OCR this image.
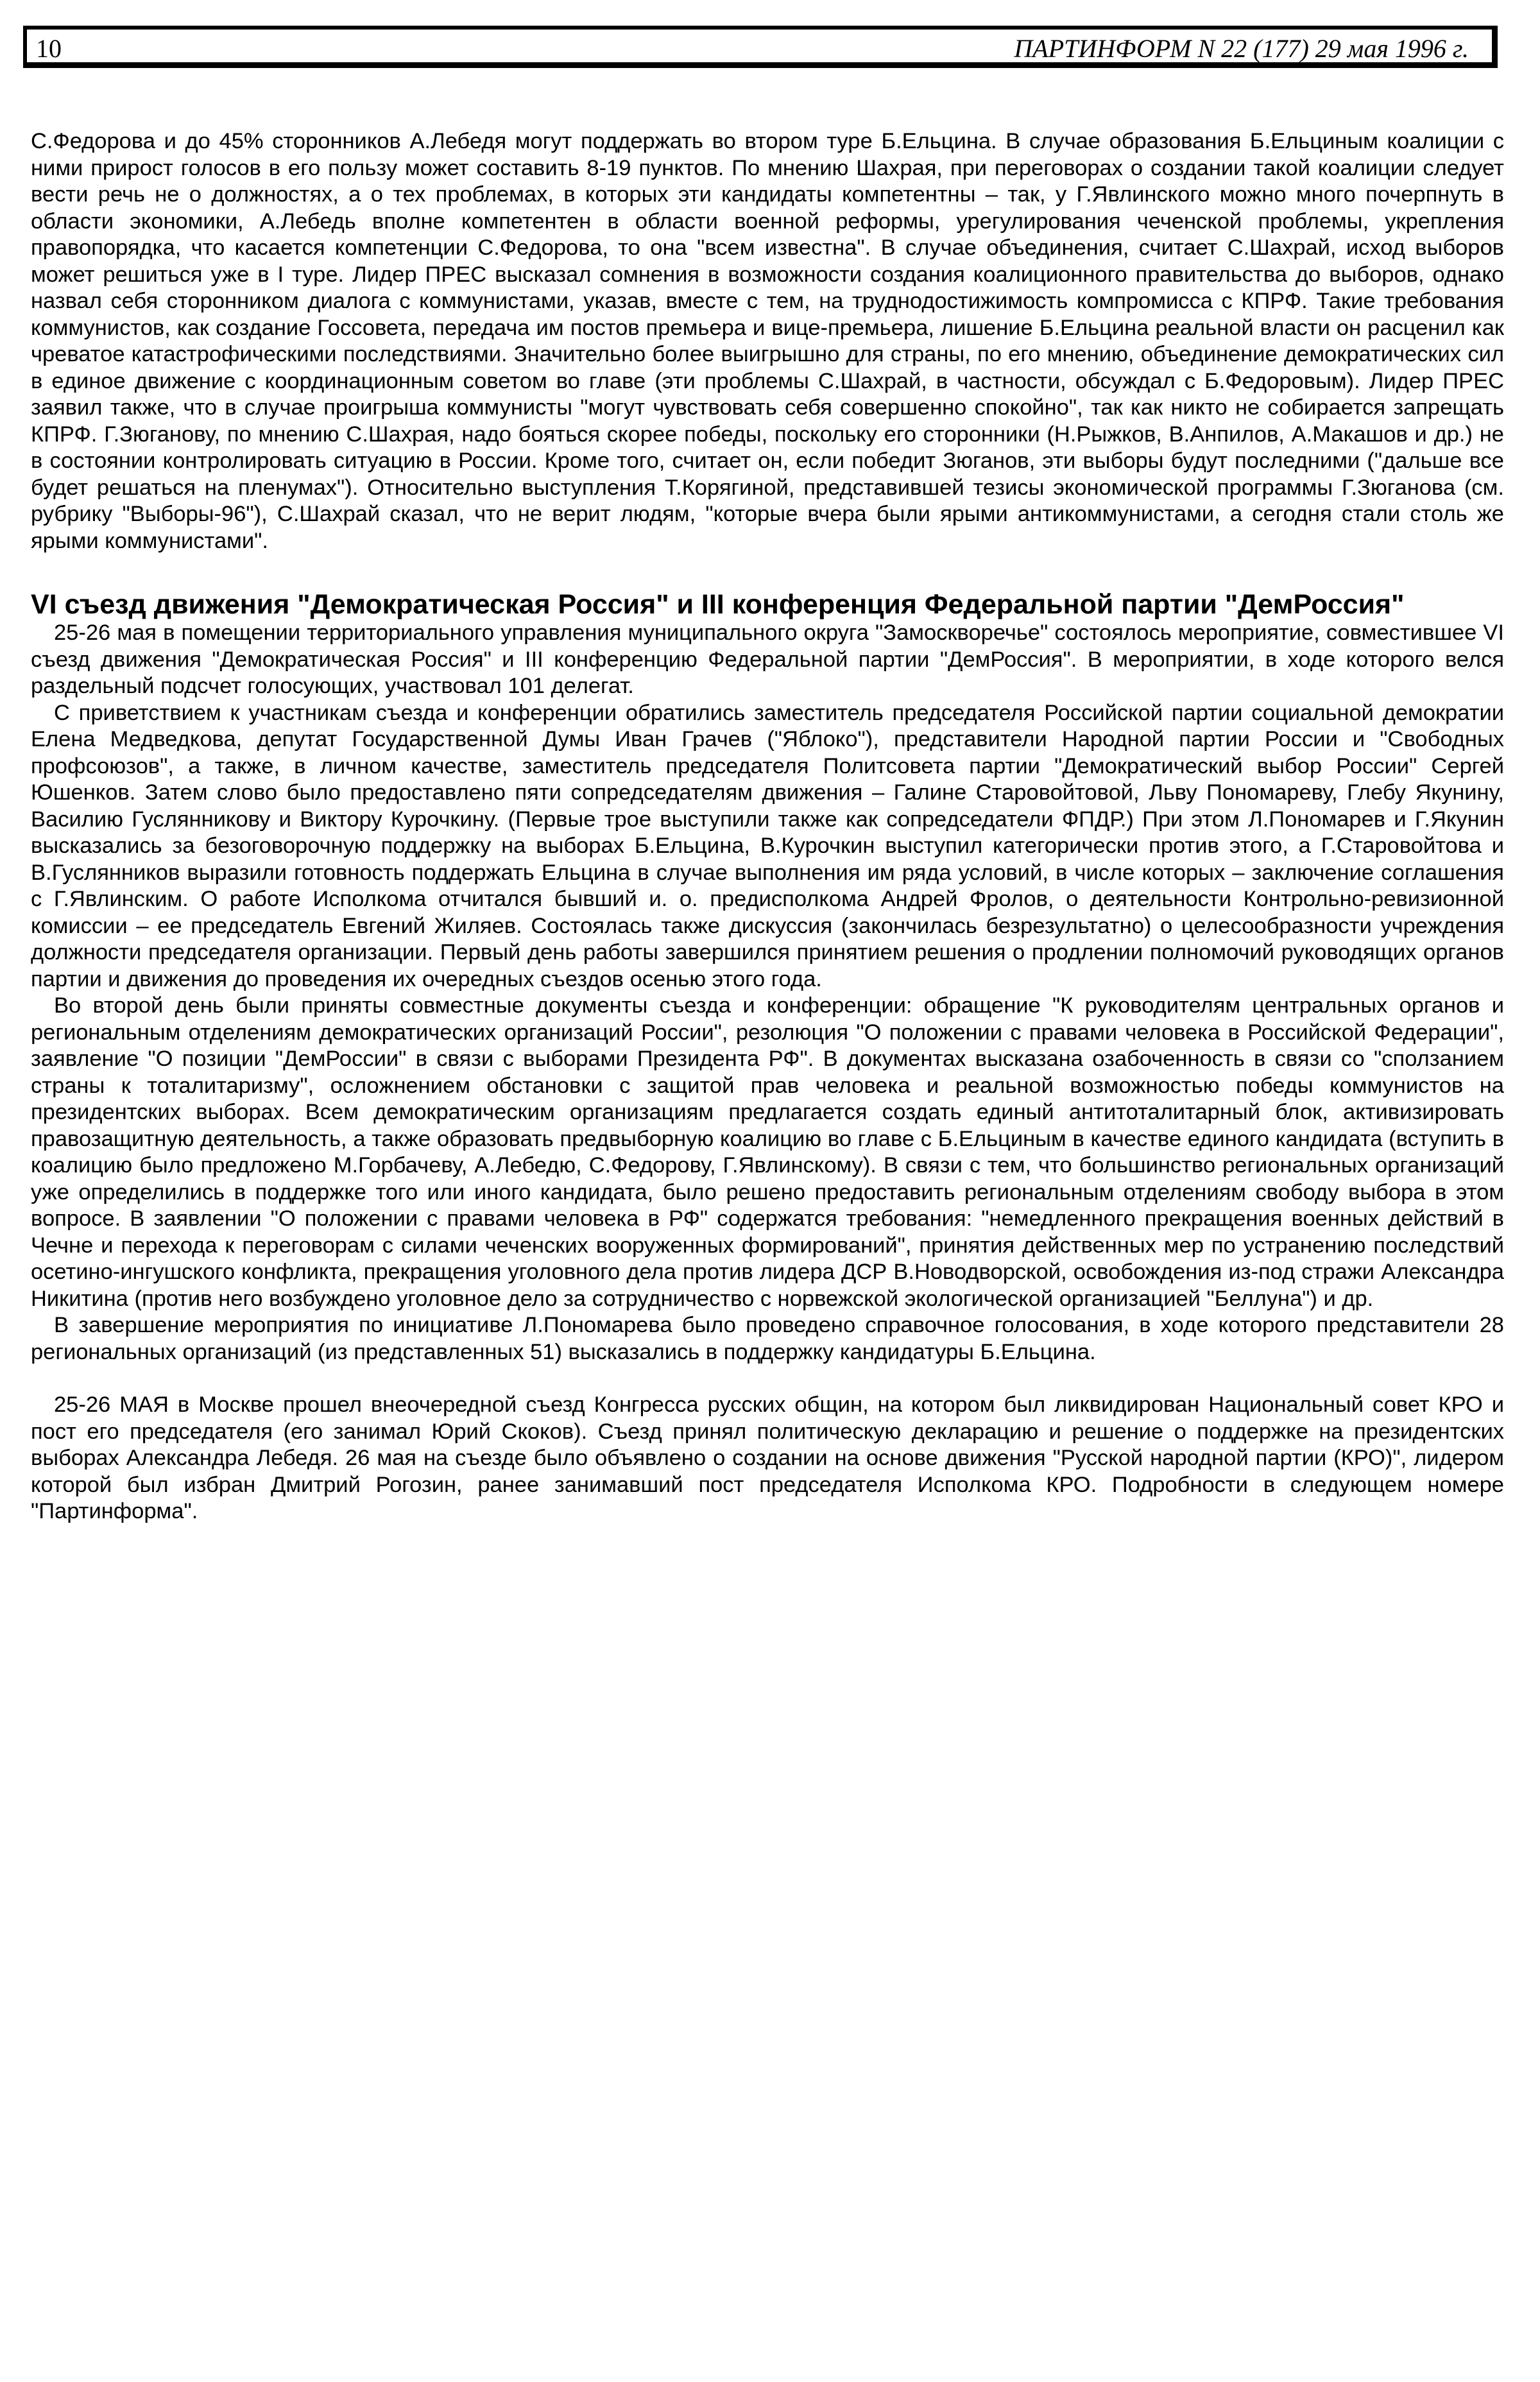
10	ПАРТИНФОРМ N 22 (177) 29 мая 1996 г.

С.Федорова и до 45% сторонников А.Лебедя могут поддержать во втором туре Б.Ельцина. В случае образования Б.Ельциным коалиции с ними прирост голосов в его пользу может составить 8-19 пунктов. По мнению Шахрая, при переговорах о создании такой коалиции следует вести речь не о должностях, а о тех проблемах, в которых эти кандидаты компетентны – так, у Г.Явлинского можно много почерпнуть в области экономики, А.Лебедь вполне компетентен в области военной реформы, урегулирования чеченской проблемы, укрепления правопорядка, что касается компетенции С.Федорова, то она "всем известна". В случае объединения, считает С.Шахрай, исход выборов может решиться уже в I туре. Лидер ПРЕС высказал сомнения в возможности создания коалиционного правительства до выборов, однако назвал себя сторонником диалога с коммунистами, указав, вместе с тем, на труднодостижимость компромисса с КПРФ. Такие требования коммунистов, как создание Госсовета, передача им постов премьера и вице-премьера, лишение Б.Ельцина реальной власти он расценил как чреватое катастрофическими последствиями. Значительно более выигрышно для страны, по его мнению, объединение демократических сил в единое движение с координационным советом во главе (эти проблемы С.Шахрай, в частности, обсуждал с Б.Федоровым). Лидер ПРЕС заявил также, что в случае проигрыша коммунисты "могут чувствовать себя совершенно спокойно", так как никто не собирается запрещать КПРФ. Г.Зюганову, по мнению С.Шахрая, надо бояться скорее победы, поскольку его сторонники (Н.Рыжков, В.Анпилов, А.Макашов и др.) не в состоянии контролировать ситуацию в России. Кроме того, считает он, если победит Зюганов, эти выборы будут последними ("дальше все будет решаться на пленумах"). Относительно выступления Т.Корягиной, представившей тезисы экономической программы Г.Зюганова (см. рубрику "Выборы-96"), С.Шахрай сказал, что не верит людям, "которые вчера были ярыми антикоммунистами, а сегодня стали столь же ярыми коммунистами".

VI съезд движения "Демократическая Россия" и III конференция Федеральной партии "ДемРоссия"

25-26 мая в помещении территориального управления муниципального округа "Замоскворечье" состоялось мероприятие, совместившее VI съезд движения "Демократическая Россия" и III конференцию Федеральной партии "ДемРоссия". В мероприятии, в ходе которого велся раздельный подсчет голосующих, участвовал 101 делегат.

С приветствием к участникам съезда и конференции обратились заместитель председателя Российской партии социальной демократии Елена Медведкова, депутат Государственной Думы Иван Грачев ("Яблоко"), представители Народной партии России и "Свободных профсоюзов", а также, в личном качестве, заместитель председателя Политсовета партии "Демократический выбор России" Сергей Юшенков. Затем слово было предоставлено пяти сопредседателям движения – Галине Старовойтовой, Льву Пономареву, Глебу Якунину, Василию Гуслянникову и Виктору Курочкину. (Первые трое выступили также как сопредседатели ФПДР.) При этом Л.Пономарев и Г.Якунин высказались за безоговорочную поддержку на выборах Б.Ельцина, В.Курочкин выступил категорически против этого, а Г.Старовойтова и В.Гуслянников выразили готовность поддержать Ельцина в случае выполнения им ряда условий, в числе которых – заключение соглашения с Г.Явлинским. О работе Исполкома отчитался бывший и. о. предисполкома Андрей Фролов, о деятельности Контрольно-ревизионной комиссии – ее председатель Евгений Жиляев. Состоялась также дискуссия (закончилась безрезультатно) о целесообразности учреждения должности председателя организации. Первый день работы завершился принятием решения о продлении полномочий руководящих органов партии и движения до проведения их очередных съездов осенью этого года.

Во второй день были приняты совместные документы съезда и конференции: обращение "К руководителям центральных органов и региональным отделениям демократических организаций России", резолюция "О положении с правами человека в Российской Федерации", заявление "О позиции "ДемРоссии" в связи с выборами Президента РФ". В документах высказана озабоченность в связи со "сползанием страны к тоталитаризму", осложнением обстановки с защитой прав человека и реальной возможностью победы коммунистов на президентских выборах. Всем демократическим организациям предлагается создать единый антитоталитарный блок, активизировать правозащитную деятельность, а также образовать предвыборную коалицию во главе с Б.Ельциным в качестве единого кандидата (вступить в коалицию было предложено М.Горбачеву, А.Лебедю, С.Федорову, Г.Явлинскому). В связи с тем, что большинство региональных организаций уже определились в поддержке того или иного кандидата, было решено предоставить региональным отделениям свободу выбора в этом вопросе. В заявлении "О положении с правами человека в РФ" содержатся требования: "немедленного прекращения военных действий в Чечне и перехода к переговорам с силами чеченских вооруженных формирований", принятия действенных мер по устранению последствий осетино-ингушского конфликта, прекращения уголовного дела против лидера ДСР В.Новодворской, освобождения из-под стражи Александра Никитина (против него возбуждено уголовное дело за сотрудничество с норвежской экологической организацией "Беллуна") и др.

В завершение мероприятия по инициативе Л.Пономарева было проведено справочное голосования, в ходе которого представители 28 региональных организаций (из представленных 51) высказались в поддержку кандидатуры Б.Ельцина.

25-26 МАЯ в Москве прошел внеочередной съезд Конгресса русских общин, на котором был ликвидирован Национальный совет КРО и пост его председателя (его занимал Юрий Скоков). Съезд принял политическую декларацию и решение о поддержке на президентских выборах Александра Лебедя. 26 мая на съезде было объявлено о создании на основе движения "Русской народной партии (КРО)", лидером которой был избран Дмитрий Рогозин, ранее занимавший пост председателя Исполкома КРО. Подробности в следующем номере "Партинформа".
